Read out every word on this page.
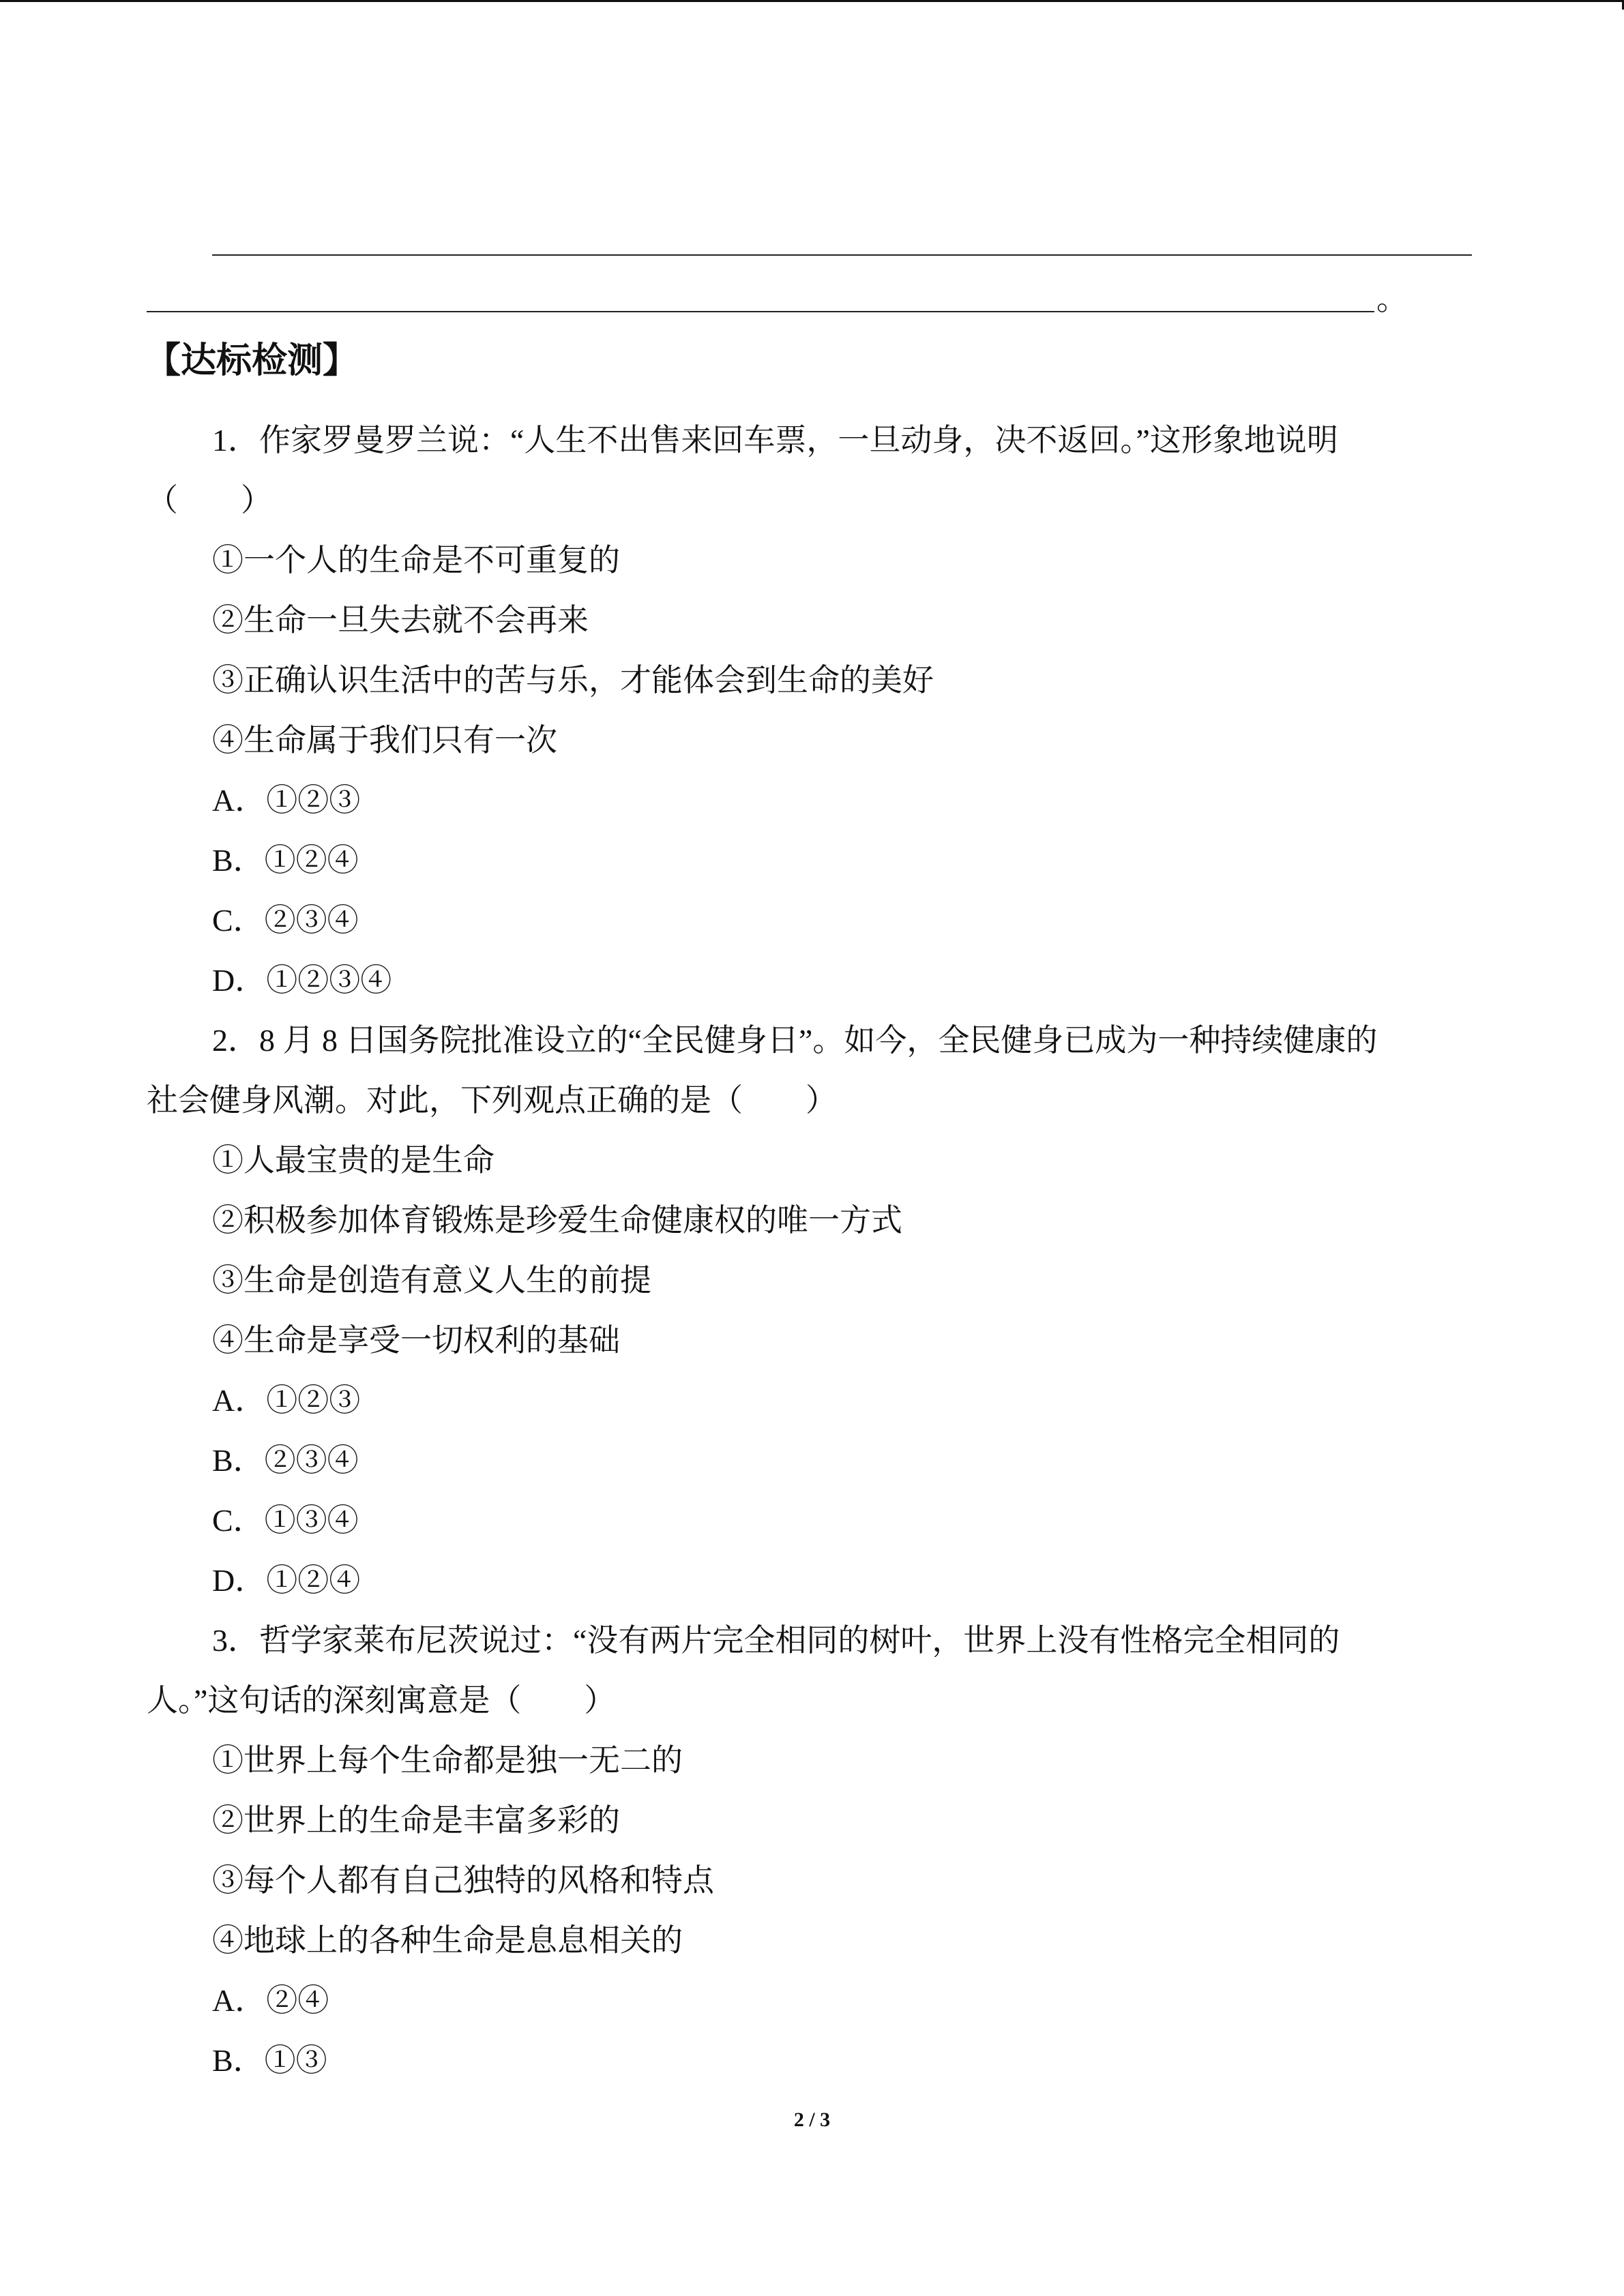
。
【达标检测】
1．作家罗曼罗兰说：“人生不出售来回车票，一旦动身，决不返回。”这形象地说明
（　　）
①一个人的生命是不可重复的
②生命一旦失去就不会再来
③正确认识生活中的苦与乐，才能体会到生命的美好
④生命属于我们只有一次
A．①②③
B．①②④
C．②③④
D．①②③④
2．8 月 8 日国务院批准设立的“全民健身日”。如今，全民健身已成为一种持续健康的
社会健身风潮。对此，下列观点正确的是（　　）
①人最宝贵的是生命
②积极参加体育锻炼是珍爱生命健康权的唯一方式
③生命是创造有意义人生的前提
④生命是享受一切权利的基础
A．①②③
B．②③④
C．①③④
D．①②④
3．哲学家莱布尼茨说过：“没有两片完全相同的树叶，世界上没有性格完全相同的
人。”这句话的深刻寓意是（　　）
①世界上每个生命都是独一无二的
②世界上的生命是丰富多彩的
③每个人都有自己独特的风格和特点
④地球上的各种生命是息息相关的
A．②④
B．①③
2 / 3
